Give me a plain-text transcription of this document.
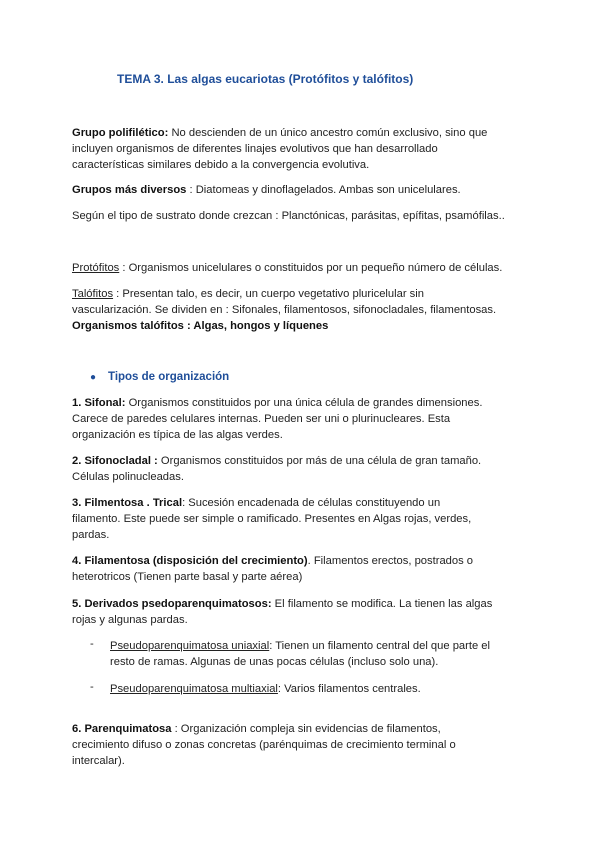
TEMA 3. Las algas eucariotas (Protófitos y talófitos)
Grupo polifilético: No descienden de un único ancestro común exclusivo, sino que
incluyen organismos de diferentes linajes evolutivos que han desarrollado
características similares debido a la convergencia evolutiva.
Grupos más diversos : Diatomeas y dinoflagelados. Ambas son unicelulares.
Según el tipo de sustrato donde crezcan : Planctónicas, parásitas, epífitas, psamófilas..
Protófitos : Organismos unicelulares o constituidos por un pequeño número de células.
Talófitos : Presentan talo, es decir, un cuerpo vegetativo pluricelular sin
vascularización. Se dividen en : Sifonales, filamentosos, sifonocladales, filamentosas.
Organismos talófitos : Algas, hongos y líquenes
● Tipos de organización
1. Sifonal: Organismos constituidos por una única célula de grandes dimensiones.
Carece de paredes celulares internas. Pueden ser uni o plurinucleares. Esta
organización es típica de las algas verdes.
2. Sifonocladal : Organismos constituidos por más de una célula de gran tamaño.
Células polinucleadas.
3. Filmentosa . Trical: Sucesión encadenada de células constituyendo un
filamento. Este puede ser simple o ramificado. Presentes en Algas rojas, verdes,
pardas.
4. Filamentosa (disposición del crecimiento). Filamentos erectos, postrados o
heterotricos (Tienen parte basal y parte aérea)
5. Derivados psedoparenquimatosos: El filamento se modifica. La tienen las algas
rojas y algunas pardas.
- Pseudoparenquimatosa uniaxial: Tienen un filamento central del que parte el
resto de ramas. Algunas de unas pocas células (incluso solo una).
- Pseudoparenquimatosa multiaxial: Varios filamentos centrales.
6. Parenquimatosa : Organización compleja sin evidencias de filamentos,
crecimiento difuso o zonas concretas (parénquimas de crecimiento terminal o
intercalar).
